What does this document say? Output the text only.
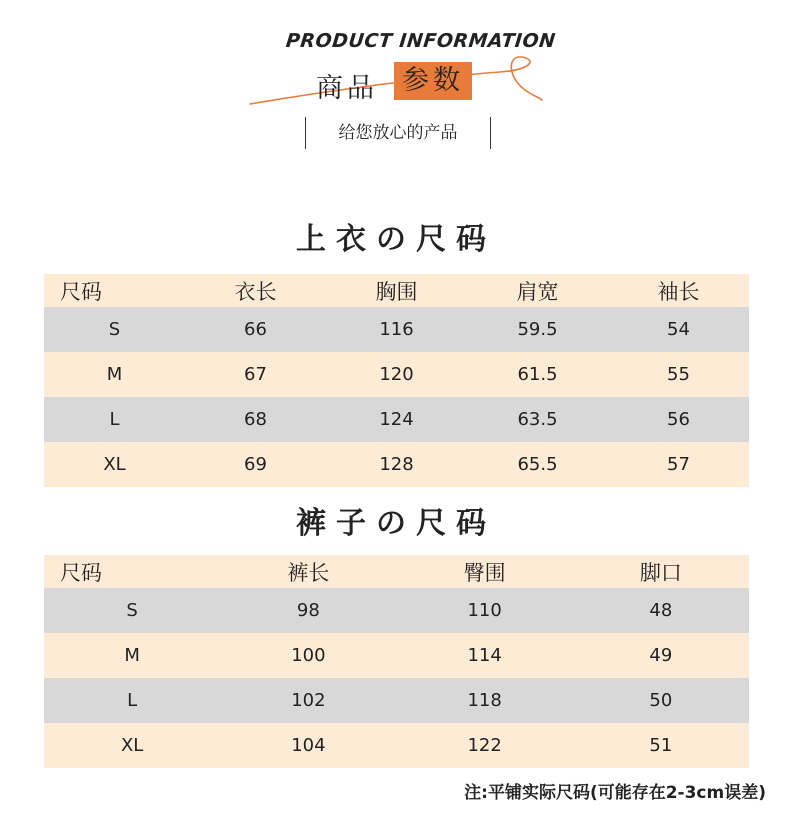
PRODUCT INFORMATION
商品 参数
给您放心的产品
上衣の尺码
尺码	衣长	胸围	肩宽	袖长
S	66	116	59.5	54
M	67	120	61.5	55
L	68	124	63.5	56
XL	69	128	65.5	57
裤子の尺码
尺码	裤长	臀围	脚口
S	98	110	48
M	100	114	49
L	102	118	50
XL	104	122	51
注:平铺实际尺码(可能存在2-3cm误差)
